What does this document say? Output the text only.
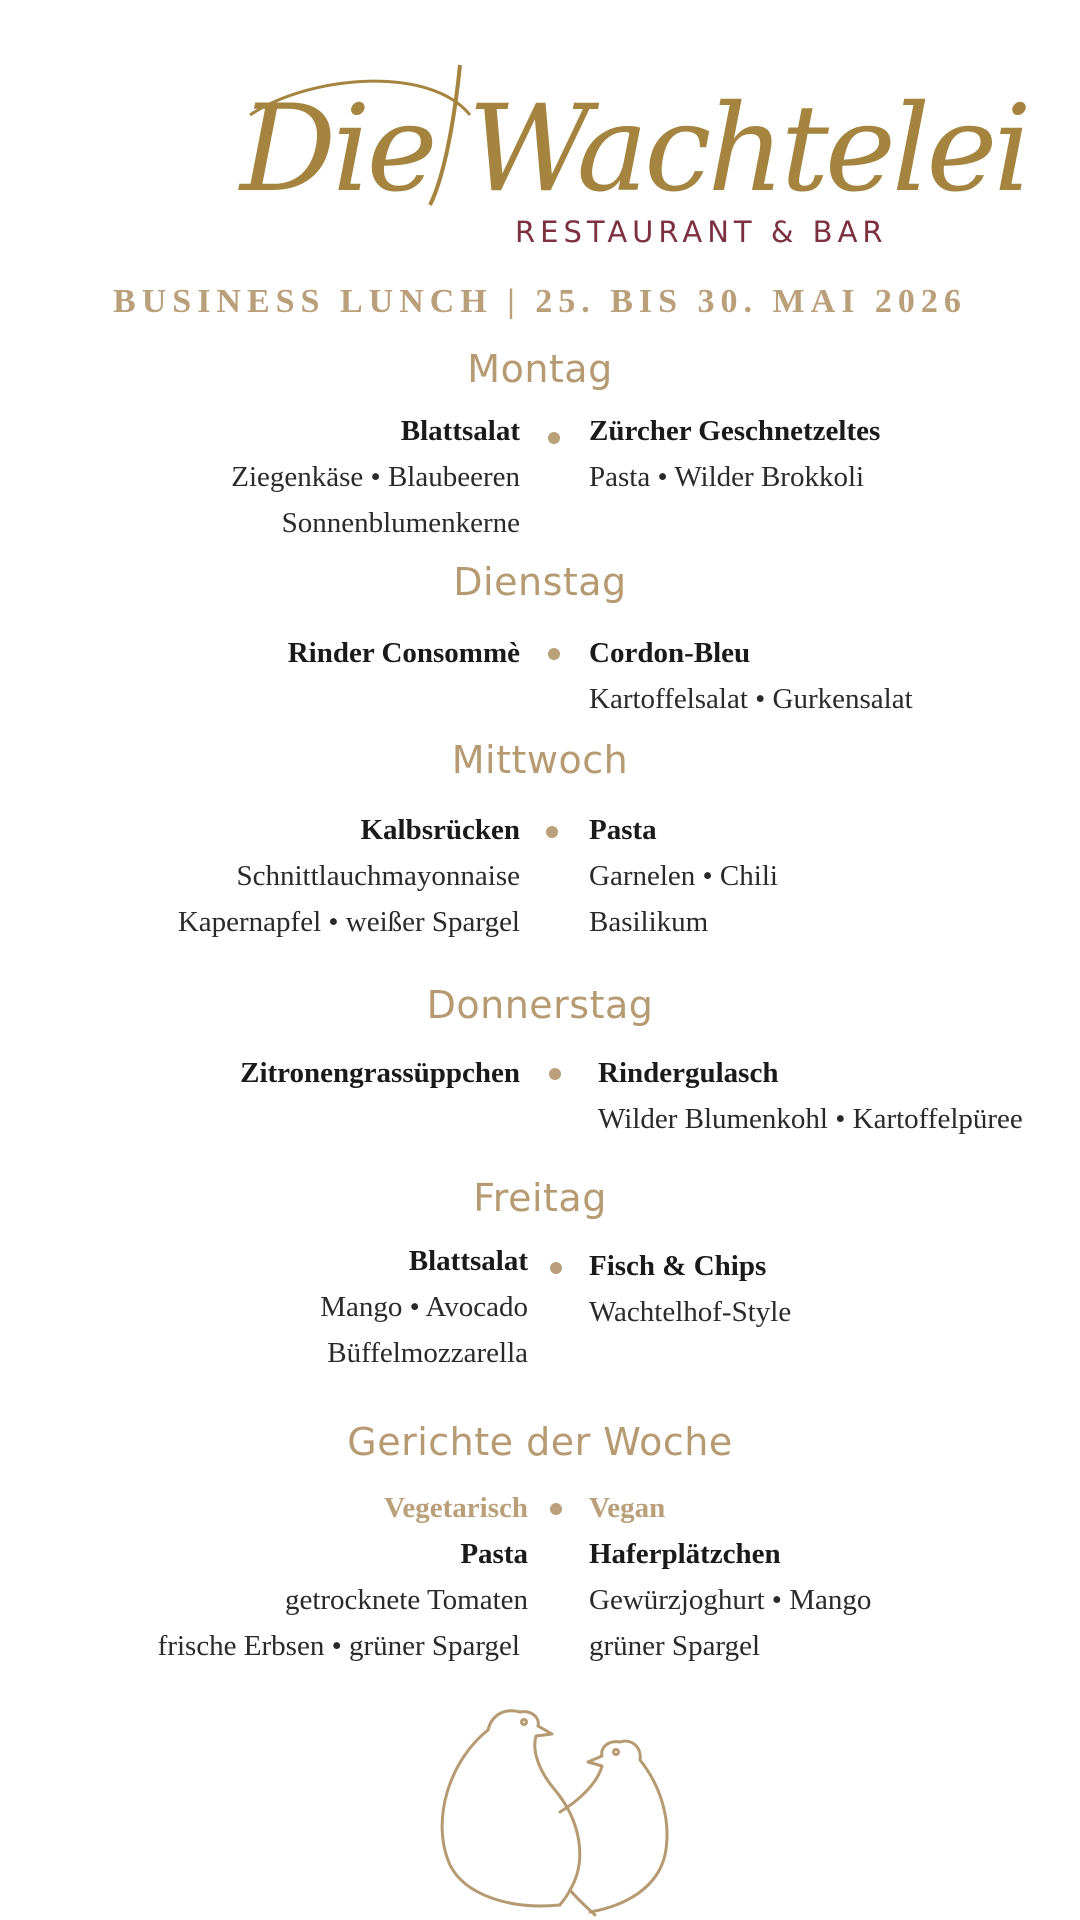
Die Wachtelei
RESTAURANT & BAR
BUSINESS LUNCH | 25. BIS 30. MAI 2026
Montag
Blattsalat
Ziegenkäse • Blaubeeren
Sonnenblumenkerne
Zürcher Geschnetzeltes
Pasta • Wilder Brokkoli
Dienstag
Rinder Consommè Cordon-Bleu
Kartoffelsalat • Gurkensalat
Mittwoch
Kalbsrücken
Schnittlauchmayonnaise
Kapernapfel • weißer Spargel
Pasta
Garnelen • Chili
Basilikum
Donnerstag
Zitronengrassüppchen	Rindergulasch
Wilder Blumenkohl • Kartoffelpüree
Freitag
Blattsalat
Mango • Avocado
Büffelmozzarella
Fisch & Chips
Wachtelhof-Style
Gerichte der Woche
Vegetarisch
Pasta
getrocknete Tomaten
frische Erbsen • grüner Spargel
Vegan
Haferplätzchen
Gewürzjoghurt • Mango
grüner Spargel
